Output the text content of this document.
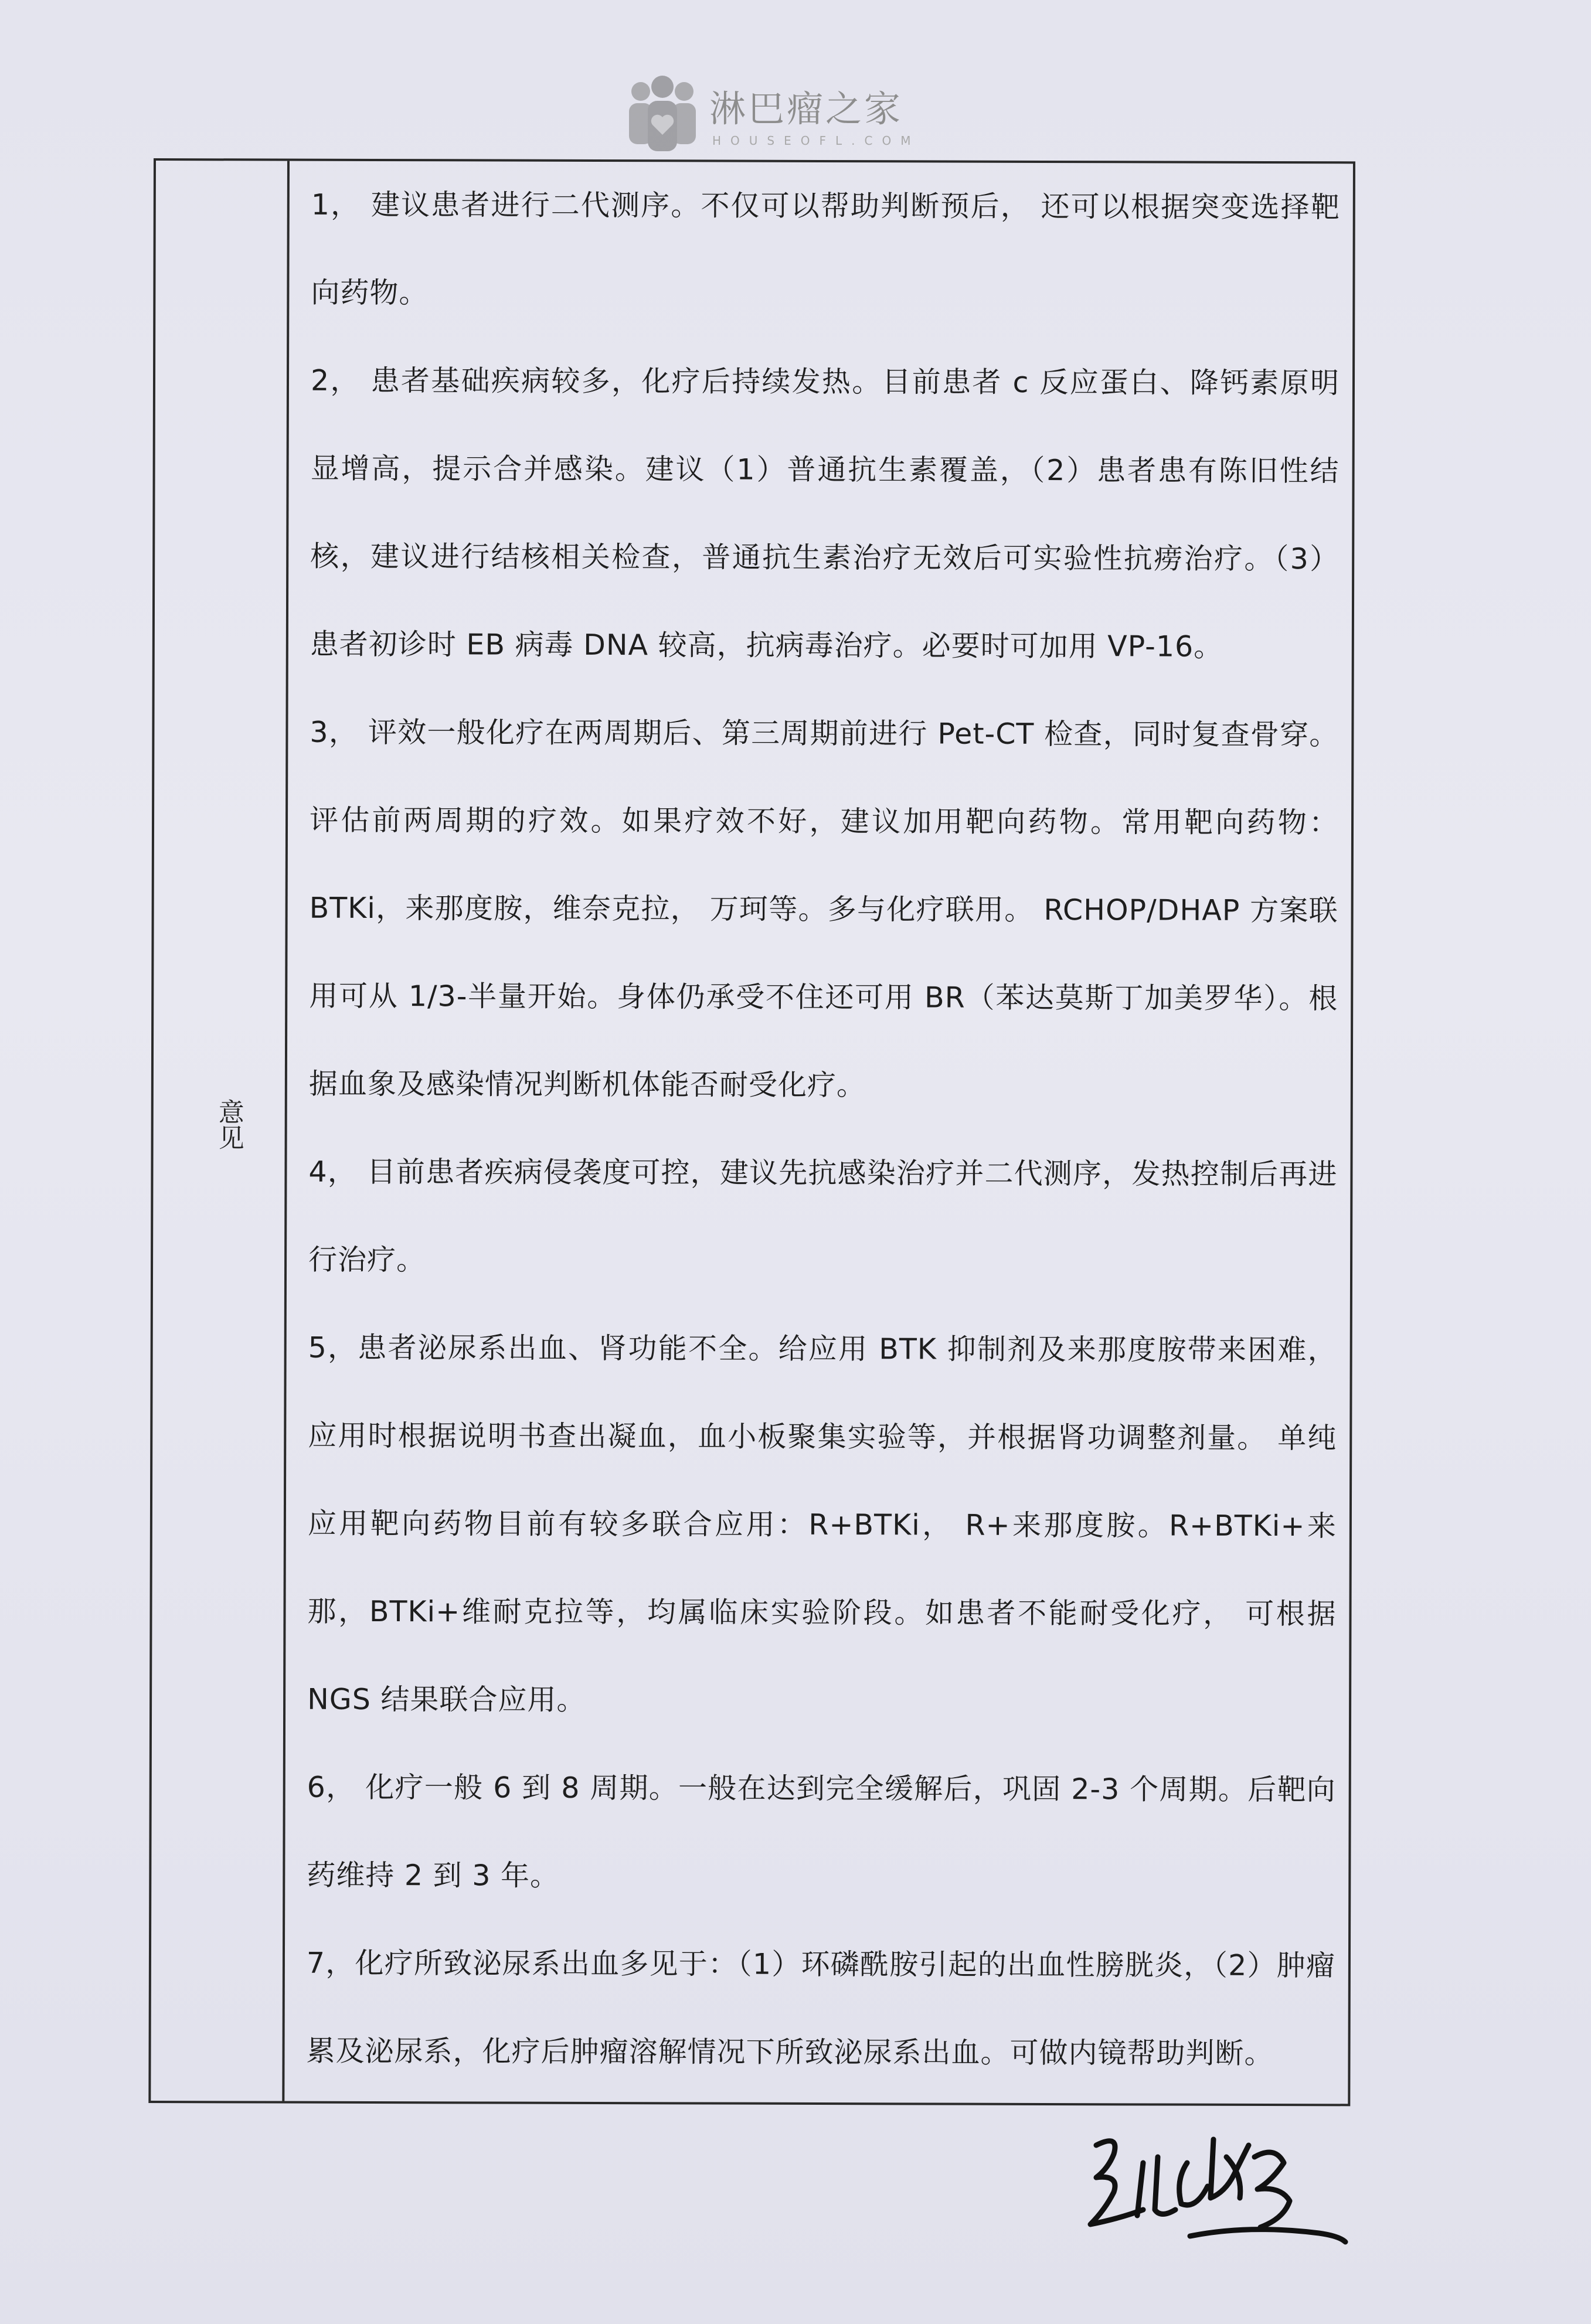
淋巴瘤之家
HOUSEOFL.COM
意见

1， 建议患者进行二代测序。不仅可以帮助判断预后， 还可以根据突变选择靶向药物。

2， 患者基础疾病较多，化疗后持续发热。目前患者 c 反应蛋白、降钙素原明显增高，提示合并感染。建议（1）普通抗生素覆盖，（2）患者患有陈旧性结核，建议进行结核相关检查，普通抗生素治疗无效后可实验性抗痨治疗。（3）患者初诊时 EB 病毒 DNA 较高，抗病毒治疗。必要时可加用 VP-16。

3， 评效一般化疗在两周期后、第三周期前进行 Pet-CT 检查，同时复查骨穿。评估前两周期的疗效。如果疗效不好，建议加用靶向药物。常用靶向药物：BTKi，来那度胺，维奈克拉， 万珂等。多与化疗联用。 RCHOP/DHAP 方案联用可从 1/3-半量开始。身体仍承受不住还可用 BR（苯达莫斯丁加美罗华）。根据血象及感染情况判断机体能否耐受化疗。

4， 目前患者疾病侵袭度可控，建议先抗感染治疗并二代测序，发热控制后再进行治疗。

5，患者泌尿系出血、肾功能不全。给应用 BTK 抑制剂及来那度胺带来困难，应用时根据说明书查出凝血，血小板聚集实验等，并根据肾功调整剂量。 单纯应用靶向药物目前有较多联合应用：R+BTKi， R+来那度胺。R+BTKi+来那，BTKi+维耐克拉等，均属临床实验阶段。如患者不能耐受化疗， 可根据 NGS 结果联合应用。

6， 化疗一般 6 到 8 周期。一般在达到完全缓解后，巩固 2-3 个周期。后靶向药维持 2 到 3 年。

7，化疗所致泌尿系出血多见于：（1）环磷酰胺引起的出血性膀胱炎，（2）肿瘤累及泌尿系，化疗后肿瘤溶解情况下所致泌尿系出血。可做内镜帮助判断。
